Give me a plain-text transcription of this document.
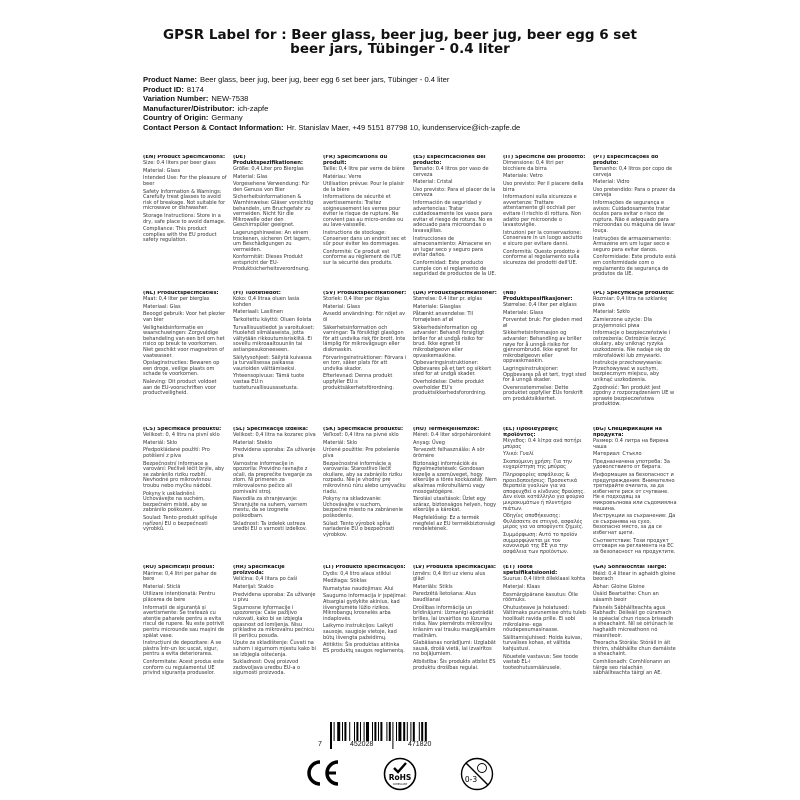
GPSR Label for : Beer glass, beer jug, beer jug, beer egg 6 set
beer jars, Tübinger - 0.4 liter
Product Name: Beer glass, beer jug, beer jug, beer egg 6 set beer jars, Tübinger - 0.4 liter
Product ID: 8174
Variation Number: NEW-7538
Manufacturer/Distributor: ich-zapfe
Country of Origin: Germany
Contact Person & Contact Information: Hr. Stanislav Maer, +49 5151 87798 10, kundenservice@ich-zapfe.de
(EN) Product Specifications:

Size: 0.4 liters per beer glass

Material: Glass

Intended Use: For the pleasure of beer

Safety Information & Warnings: Carefully treat glasses to avoid risk of breakage. Not suitable for microwave or dishwasher.

Storage Instructions: Store in a dry, safe place to avoid damage.

Compliance: This product complies with the EU product safety regulation.

(DE) Produktspezifikationen:

Größe: 0,4 Liter pro Bierglas

Material: Glas

Vorgesehene Verwendung: Für den Genuss von Bier

Sicherheitsinformationen & Warnhinweise: Gläser vorsichtig behandeln, um Bruchgefahr zu vermeiden. Nicht für die Mikrowelle oder den Geschirrspüler geeignet.

Lagerungshinweise: An einem trockenen, sicheren Ort lagern, um Beschädigungen zu vermeiden.

Konformität: Dieses Produkt entspricht der EU-Produktsicherheitsverordnung.

(FR) Spécifications du produit:

Taille: 0,4 litre par verre de bière

Matériau: Verre

Utilisation prévue: Pour le plaisir de la bière

Informations de sécurité et avertissements: Traitez soigneusement les verres pour éviter le risque de rupture. Ne convient pas au micro-ondes ou au lave-vaisselle.

Instructions de stockage: Conserver dans un endroit sec et sûr pour éviter les dommages.

Conformité: Ce produit est conforme au règlement de l'UE sur la sécurité des produits.

(ES) Especificaciones del producto:

Tamaño: 0.4 litros por vaso de cerveza

Material: Cristal

Uso previsto: Para el placer de la cerveza

Información de seguridad y advertencias: Tratar cuidadosamente los vasos para evitar el riesgo de rotura. No es adecuado para microondas o lavavajillas.

Instrucciones de almacenamiento: Almacene en un lugar seco y seguro para evitar daños.

Conformidad: Este producto cumple con el reglamento de seguridad de productos de la UE.

(IT) Specifiche del prodotto:

Dimensione: 0,4 litri per bicchiere da birra

Materiale: Vetro

Uso previsto: Per il piacere della birra

Informazioni sulla sicurezza e avvertenze: Trattare attentamente gli occhiali per evitare il rischio di rottura. Non adatto per microonde o lavastoviglie.

Istruzioni per la conservazione: Conservare in un luogo asciutto e sicuro per evitare danni.

Conformità: Questo prodotto è conforme al regolamento sulla sicurezza dei prodotti dell'UE.

(PT) Especificações do produto:

Tamanho: 0,4 litros por copo de cerveja

Material: Vidro

Uso pretendido: Para o prazer da cerveja

Informações de segurança e avisos: Cuidadosamente tratar óculos para evitar o risco de ruptura. Não é adequado para microondas ou máquina de lavar louça.

Instruções de armazenamento: Armazene em um lugar seco e seguro para evitar danos.

Conformidade: Este produto está em conformidade com o regulamento de segurança de produtos da UE.

(NL) Productspecificaties:

Maat: 0,4 liter per bierglas

Materiaal: Glas

Beoogd gebruik: Voor het plezier van bier

Veiligheidsinformatie en waarschuwingen: Zorgvuldige behandeling van een bril om het risico op breuk te voorkomen. Niet geschikt voor magnetron of vaatwasser.

Opslaginstructies: Bewaren op een droge, veilige plaats om schade te voorkomen.

Naleving: Dit product voldoet aan de EU-voorschriften voor productveiligheid.

(FI) Tuotetiedot:

Koko: 0,4 litraa oluen lasia kohden

Materiaali: Lasilinen

Tarkoitettu käyttö: Oluen iloista

Turvallisuustiedot ja varoitukset: Huolehdi silmälaseista, jotta vältytään rikkoutumisriskiltä. Ei sovellu mikroaaltouuniin tai astianpesukoneeseen.

Säilytysohjeet: Säilytä kuivassa ja turvallisessa paikassa vaurioiden välttämiseksi.

Yhteensopivuus: Tämä tuote vastaa EU:n tuoteturvallisuusasetusta.

(SV) Produktspecifikationer:

Storlek: 0,4 liter per ölglas

Material: Glass

Avsedd användning: För nöjet av öl

Säkerhetsinformation och varningar: Ta försiktigt glasögon för att undvika risk för brott. Inte lämplig för mikrovågsugn eller diskmaskin.

Förvaringsinstruktioner: Förvara i en torr, säker plats för att undvika skador.

Efterlevnad: Denna produkt uppfyller EU:s produktsäkerhetsförordning.

(DA) Produktspecifikationer:

Størrelse: 0.4 liter pr. ølglas

Materiale: Glasglas

Påtænkt anvendelse: Til fornøjelsen af øl

Sikkerhedsinformation og advarsler: Behandl forsigtigt briller for at undgå risiko for brud. Ikke egnet til mikrobølgeovn eller opvaskemaskine.

Opbevaringsinstruktioner: Opbevares på et tørt og sikkert sted for at undgå skader.

Overholdelse: Dette produkt overholder EU's produktsikkerhedsforordning.

(NB) Produktspesifikasjoner:

Størrelse: 0,4 liter per ølglass

Materiale: Glass

Forventet bruk: For gleden med øl

Sikkerhetsinformasjon og advarsler: Behandling av briller nøye for å unngå risiko for gjennombrudd. Ikke egnet for mikrobølgeovn eller oppvaskmaskin.

Lagringsinstruksjoner: Oppbevares på et tørt, trygt sted for å unngå skader.

Overensstemmelse: Dette produktet oppfyller EUs forskrift om produktsikkerhet.

(PL) Specyfikacje produktu:

Rozmiar: 0,4 litra na szklankę piwa

Materiał: Szkło

Zamierzone użycie: Dla przyjemności piwa

Informacje o bezpieczeństwie i ostrzeżenia: Ostrożnie leczyć okulary, aby uniknąć ryzyka uszkodzenia. Nie nadaje się do mikrofalówki lub zmywarki.

Instrukcje przechowywania: Przechowywać w suchym, bezpiecznym miejscu, aby uniknąć uszkodzenia.

Zgodność: Ten produkt jest zgodny z rozporządzeniem UE w sprawie bezpieczeństwa produktów.

(CS) Specifikace produktu:

Velikost: 0, 4 litru na pivní sklo

Materiál: Sklo

Předpokládané použití: Pro potěšení z piva

Bezpečnostní informace a varování: Pečlivě léčit brýle, aby se zabránilo riziku rozbití. Nevhodné pro mikrovlnnou troubu nebo myčku nádobí.

Pokyny k uskladnění: Uchovávejte na suchém, bezpečném místě, aby se zabránilo poškození.

Soulad: Tento produkt splňuje nařízení EU o bezpečnosti výrobků.

(SL) Specifikacije izdelka:

Velikost: 0,4 litra na kozarec piva

Material: Steklo

Predvidena uporaba: Za uživanje piva

Varnostne informacije in opozorila: Previdno ravnajte z očali, da preprečite tveganje za zlom. Ni primeren za mikrovalovno pečico ali pomivalni stroj.

Navodila za shranjevanje: Shranjujte na suhem, varnem mestu, da se izognete poškodbam.

Skladnost: Ta izdelek ustreza uredbi EU o varnosti izdelkov.

(SK) Špecifikácie produktu:

Veľkosť: 0,4 litra na pivné sklo

Materiál: Sklo

Určené použitie: Pre potešenie piva

Bezpečnostné informácie a varovania: Starostlivo liečiť okuliare, aby sa zabránilo riziku rozpadu. Nie je vhodný pre mikrovlnnú rúru alebo umývačku riadu.

Pokyny na skladovanie: Uchovávajte v suchom, bezpečné miesto na zabránenie poškodeniu.

Súlad: Tento výrobok spĺňa nariadenie EÚ o bezpečnosti výrobkov.

(HU) Termékjellemzők:

Méret: 0.4 liter sörpoháronként

Anyag: Üveg

Tervezett felhasználás: A sör örömére

Biztonsági információk és figyelmeztetések: Gondosan kezelje a szemüveget, hogy elkerülje a törés kockázatát. Nem alkalmas mikrohullámú vagy mosogatógépre.

Tárolási utasítások: Üzlet egy száraz, biztonságos helyen, hogy elkerülje a károkat.

Megfelelőség: Ez a termék megfelel az EU termékbiztonsági rendeletének.

(EL) Προδιαγραφές προϊόντος:

Μέγεθος: 0.4 λίτρα ανά ποτήρι μπύρας

Υλικό: Γυαλί

Σκοπούμενη χρήση: Για την ευχαρίστηση της μπύρας

Πληροφορίες ασφάλειας & προειδοποιήσεις: Προσεκτικά θεραπεία γυαλιών για να αποφευχθεί ο κίνδυνος θραύσης. Δεν είναι κατάλληλο για φούρνο μικροκυμάτων ή πλυντήριο πιάτων.

Οδηγίες αποθήκευσης: Φυλάσσετε σε στεγνό, ασφαλές μέρος για να αποφύγετε ζημιές.

Συμμόρφωση: Αυτό το προϊόν συμμορφώνεται με τον κανονισμό της ΕΕ για την ασφάλεια των προϊόντων.

(BG) Спецификации на продукта:

Размер: 0.4 литра на бирена чаша

Материал: Стъкло

Предназначена употреба: За удоволствието от бирата.

Информация за безопасност и предупреждения: Внимателно третирайте очилата, за да избегнете риск от счупване. Не е подходящ за микровълнова или съдомиялна машина.

Инструкции за съхранение: Да се съхранява на сухо, безопасно място, за да се избегнат щети.

Съответствие: Този продукт отговаря на регламента на ЕС за безопасност на продуктите.

(RO) Specificații produs:

Mărime: 0,4 litri per pahar de bere

Material: Sticlă

Utilizare intenționată: Pentru plăcerea de bere

Informații de siguranță și avertismente: Se tratează cu atenție paharele pentru a evita riscul de rupere. Nu este potrivit pentru microunde sau mașini de spălat vase.

Instrucțiuni de depozitare: A se păstra într-un loc uscat, sigur, pentru a evita deteriorarea.

Conformitate: Acest produs este conform cu regulamentul UE privind siguranța produselor.

(HR) Specifikacije proizvoda:

Veličina: 0,4 litara po čaši

Materijal: Staklo

Predviđena uporaba: Za uživanje u pivu

Sigurnosne informacije i upozorenja: Čaše pažljivo rukovati, kako bi se izbjegla opasnost od lomljenja. Nisu prikladne za mikrovalnu pećnicu ili perilicu posuđa.

Upute za skladištenje: Čuvati na suhom i sigurnom mjestu kako bi se izbjegla oštećenja.

Sukladnost: Ovaj proizvod zadovoljava uredbu EU-a o sigurnosti proizvoda.

(LT) Produkto specifikacijos:

Dydis: 0,4 litro alaus stiklui

Medžiaga: Stiklas

Numatytas naudojimas: Alui

Saugumo informacija ir įspėjimai: Atsargiai gydykite akinius, kad išvengtumėte lūžio rizikos. Mikrobangų krosnelės arba indaplovės.

Laikymo instrukcijos: Laikyti sausoje, saugioje vietoje, kad būtų išvengta pažeidimų.

Atitiktis: Šis produktas atitinka ES produktų saugos reglamentą.

(LV) Produkta specifikācijas:

Izmērs: 0,4 litri uz vienu alus glāzi

Materiāls: Stikls

Paredzētā lietošana: Alus baudīšanai

Drošības informācija un brīdinājumi: Uzmanīgi apstrādāt brilles, lai izvairītos no lūzuma riska. Nav piemērots mikroviļņu krāsnim vai trauku mazgājamām mašīnām.

Glabāšanas norādījumi: Uzglabāt sausā, drošā vietā, lai izvairītos no bojājumiem.

Atbilstība: Šis produkts atbilst ES produktu drošības regulai.

(ET) Toote spetsifikatsioonid:

Suurus: 0,4 liitrit õlleklaasi kohta

Materjal: Klaas

Eesmärgipärane kasutus: Õlle rõõmuks.

Ohutusteave ja hoiatused: Vältimaks purunemise ohtu tuleb hoolikalt ravida prille. Ei sobi mikrolaine- ega nõudepesumasinasse.

Säilitamisjuhised: Hoida kuivas, turvalises kohas, et vältida kahjustusi.

Nõuetele vastavus: See toode vastab EL-i tooteohutusmäärusele.

(GA) Sonraíochtaí Táirge:

Méid: 0.4 litear in aghaidh gloine beorach

Ábhar: Gloine Gloine

Úsáid Beartaithe: Chun an sásamh beoir

Faisnéis Sábháilteachta agus Rabhadh: Déileáil go cúramach le spéaclaí chun riosca briseadh a sheachaint. Níl sé oiriúnach le haghaidh micreathonn nó miasniteoir.

Treoracha Stórála: Stóráil in áit thirim, shábháilte chun damáiste a sheachaint.

Comhlíonadh: Comhlíonann an táirge seo rialachán sábháilteachta táirgí an AE.

7	452028	471820
RoHS
COMPLIANT
0-3
